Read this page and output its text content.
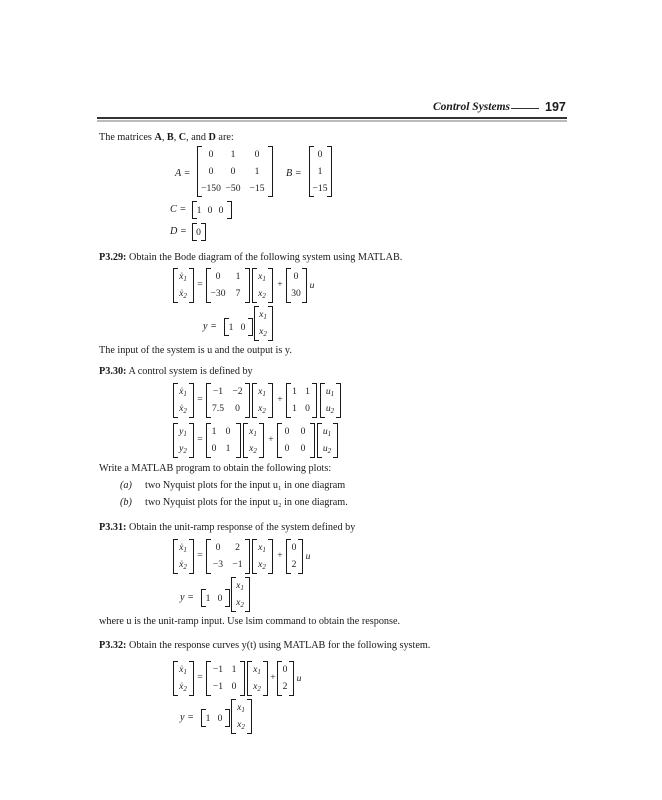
Control Systems	197
The matrices A, B, C, and D are:
A =
0	1	0
0	0	1
−150 −50 −15
B =
0
1
−15
C = 1 0 0
D = 0
P3.29: Obtain the Bode diagram of the following system using MATLAB.
ẋ$_1$
ẋ$_2$
=
0	1
−30	7
$x_1$
$x_2$
+
0
30
u
y = 1 0
$x_1$
$x_2$
The input of the system is u and the output is y.
P3.30: A control system is defined by
ẋ$_1$
ẋ$_2$
=
−1 −2
7.5	0
$x_1$
$x_2$
+
1 1
1 0
$u_1$
$u_2$
$y_1$
$y_2$
=
1 0
0 1
$x_1$
$x_2$
+
0	0
0	0
$u_1$
$u_2$
Write a MATLAB program to obtain the following plots:
(a) two Nyquist plots for the input u₁ in one diagram
(b) two Nyquist plots for the input u₂ in one diagram.
P3.31: Obtain the unit-ramp response of the system defined by
ẋ$_1$
ẋ$_2$
=
0	2
−3 −1
$x_1$
$x_2$
+
0
2
u
y = 1 0
$x_1$
$x_2$
where u is the unit-ramp input. Use lsim command to obtain the response.
P3.32: Obtain the response curves y(t) using MATLAB for the following system.
ẋ$_1$
ẋ$_2$
=
−1 1
−1 0
$x_1$
$x_2$
+
0
2
u
y = 1 0
$x_1$
$x_2$
